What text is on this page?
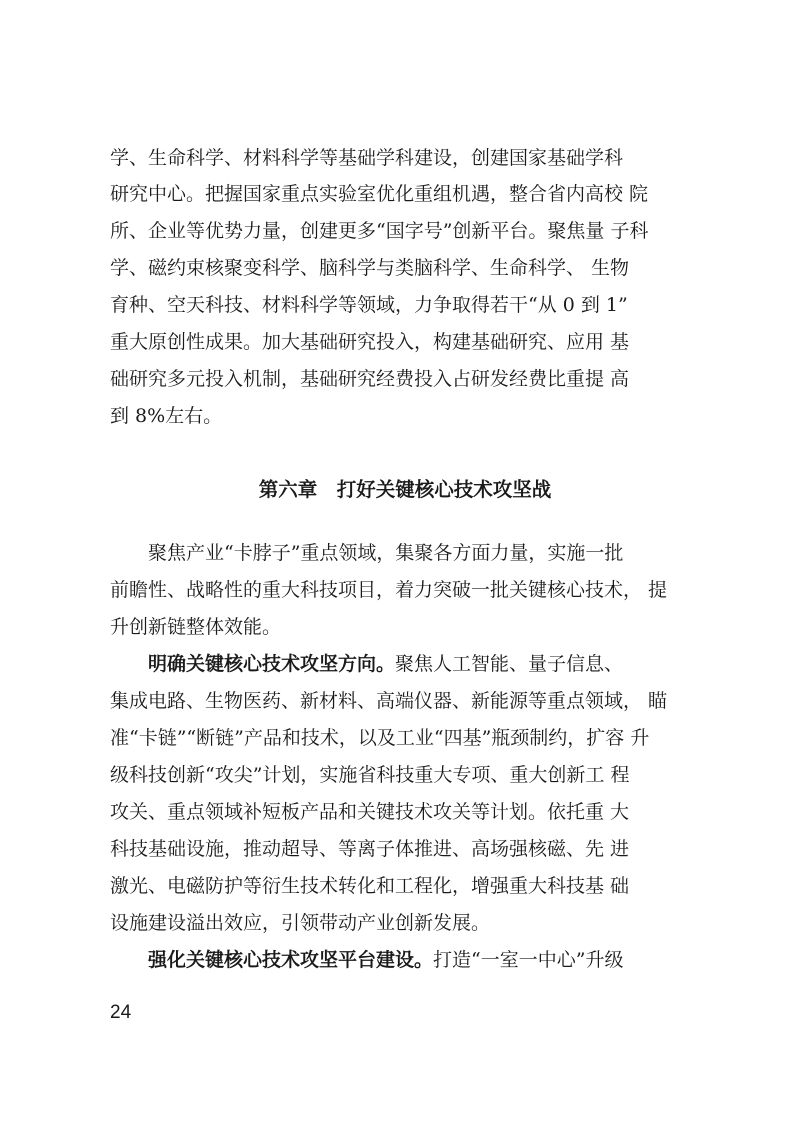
学、生命科学、材料科学等基础学科建设，创建国家基础学科
研究中心。把握国家重点实验室优化重组机遇，整合省内高校 院
所、企业等优势力量，创建更多“国字号”创新平台。聚焦量 子科
学、磁约束核聚变科学、脑科学与类脑科学、生命科学、 生物
育种、空天科技、材料科学等领域，力争取得若干“从 0 到 1”
重大原创性成果。加大基础研究投入，构建基础研究、应用 基
础研究多元投入机制，基础研究经费投入占研发经费比重提 高
到 8%左右。
第六章　打好关键核心技术攻坚战
　　聚焦产业“卡脖子”重点领域，集聚各方面力量，实施一批
前瞻性、战略性的重大科技项目，着力突破一批关键核心技术， 提
升创新链整体效能。
　　明确关键核心技术攻坚方向。聚焦人工智能、量子信息、
集成电路、生物医药、新材料、高端仪器、新能源等重点领域， 瞄
准“卡链”“断链”产品和技术，以及工业“四基”瓶颈制约，扩容 升
级科技创新“攻尖”计划，实施省科技重大专项、重大创新工 程
攻关、重点领域补短板产品和关键技术攻关等计划。依托重 大
科技基础设施，推动超导、等离子体推进、高场强核磁、先 进
激光、电磁防护等衍生技术转化和工程化，增强重大科技基 础
设施建设溢出效应，引领带动产业创新发展。
　　强化关键核心技术攻坚平台建设。打造“一室一中心”升级
24
